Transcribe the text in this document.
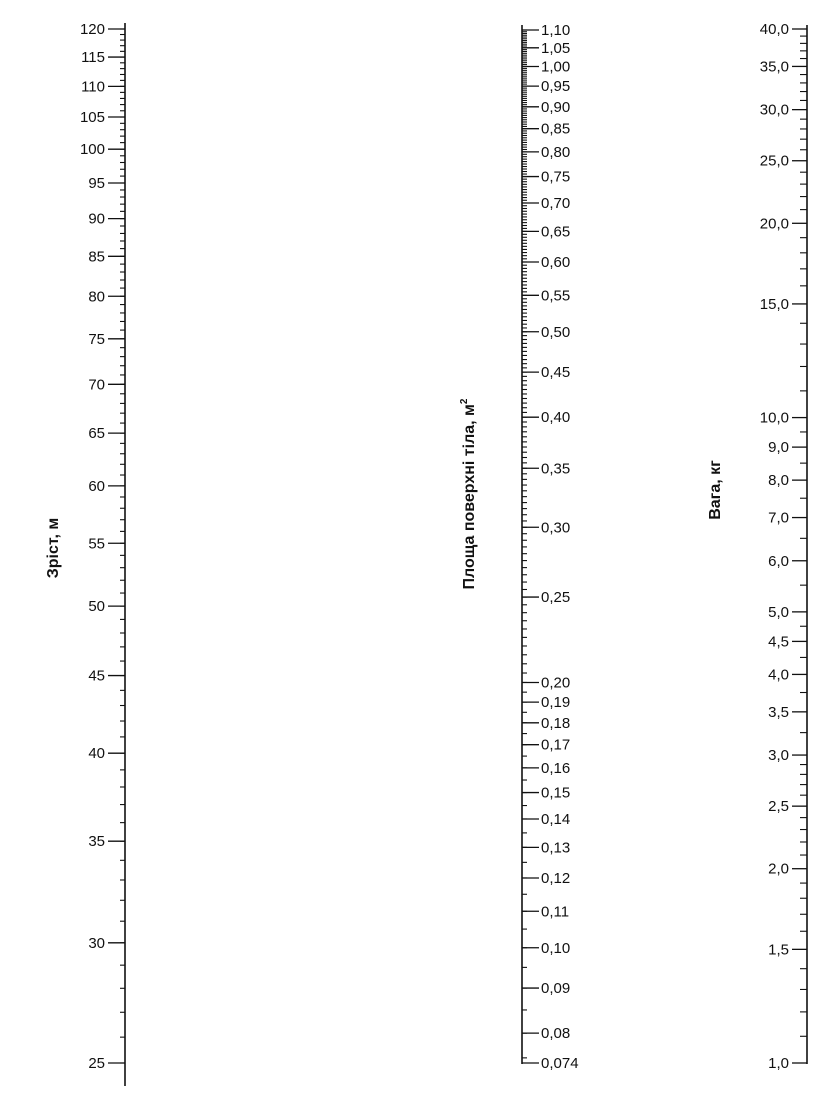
120
115
110
105
100
95
90
85
80
75
70
65
60
55
50
45
40
35
30
25
Зріст, м
1,10
1,05
1,00
0,95
0,90
0,85
0,80
0,75
0,70
0,65
0,60
0,55
0,50
0,45
0,40
0,35
0,30
0,25
0,20
0,19
0,18
0,17
0,16
0,15
0,14
0,13
0,12
0,11
0,10
0,09
0,08
0,074
Площа поверхні тіла, $м^2$
40,0
35,0
30,0
25,0
20,0
15,0
10,0
9,0
8,0
7,0
6,0
5,0
4,5
4,0
3,5
3,0
2,5
2,0
1,5
1,0
Вага, кг
